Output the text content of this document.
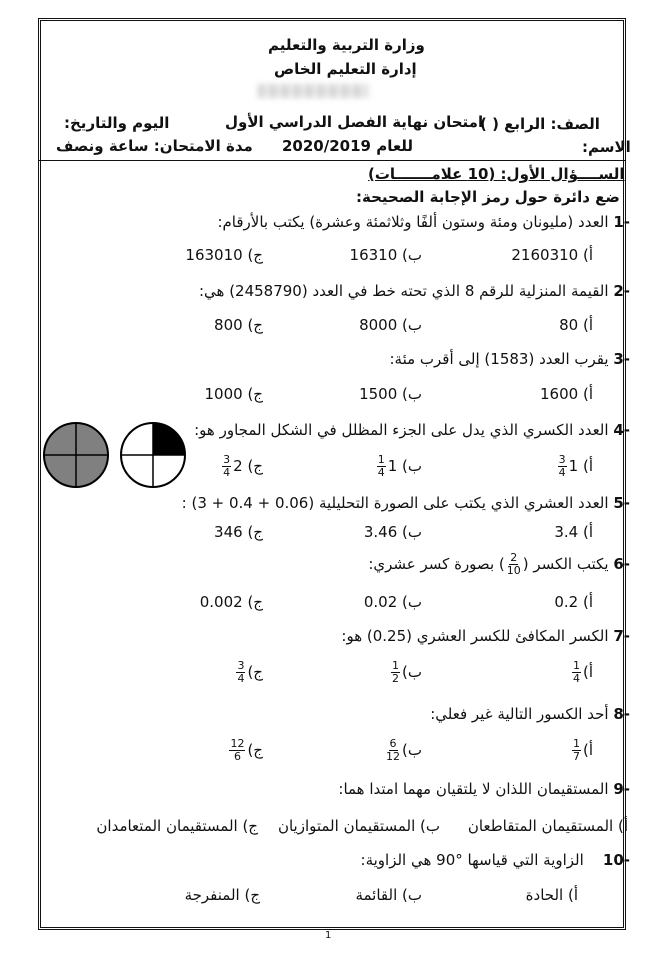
وزارة التربية والتعليم
إدارة التعليم الخاص
الصف: الرابع ( )
امتحان نهاية الفصل الدراسي الأول
اليوم والتاريخ:
الاسم:
للعام 2020/2019
مدة الامتحان: ساعة ونصف
الســــؤال الأول: (10 علامـــــــات)
ضع دائرة حول رمز الإجابة الصحيحة:
-1 العدد (مليونان ومئة وستون ألفًا وثلاثمئة وعشرة) يكتب بالأرقام:
أ) 2160310
ب) 16310
ج) 163010
-2 القيمة المنزلية للرقم 8 الذي تحته خط في العدد (2458790) هي:
أ) 80
ب) 8000
ج) 800
-3 يقرب العدد (1583) إلى أقرب مئة:
أ) 1600
ب) 1500
ج) 1000
-4 العدد الكسري الذي يدل على الجزء المظلل في الشكل المجاور هو:
أ) 1
$\frac{3}{4}$
ب) 1
$\frac{1}{4}$
ج) 2
$\frac{3}{4}$
-5 العدد العشري الذي يكتب على الصورة التحليلية (0.06 + 0.4 + 3) :
أ) 3.4
ب) 3.46
ج) 346
-6 يكتب الكسر (
$\frac{2}{10}$
) بصورة كسر عشري:
أ) 0.2
ب) 0.02
ج) 0.002
-7 الكسر المكافئ للكسر العشري (0.25) هو:
أ)
$\frac{1}{4}$
ب)
$\frac{1}{2}$
ج)
$\frac{3}{4}$
-8 أحد الكسور التالية غير فعلي:
أ)
$\frac{1}{7}$
ب)
$\frac{6}{12}$
ج)
$\frac{12}{6}$
-9 المستقيمان اللذان لا يلتقيان مهما امتدا هما:
أ) المستقيمان المتقاطعان
ب) المستقيمان المتوازيان
ج) المستقيمان المتعامدان
-10    الزاوية التي قياسها °90 هي الزاوية:
أ) الحادة
ب) القائمة
ج) المنفرجة
1
